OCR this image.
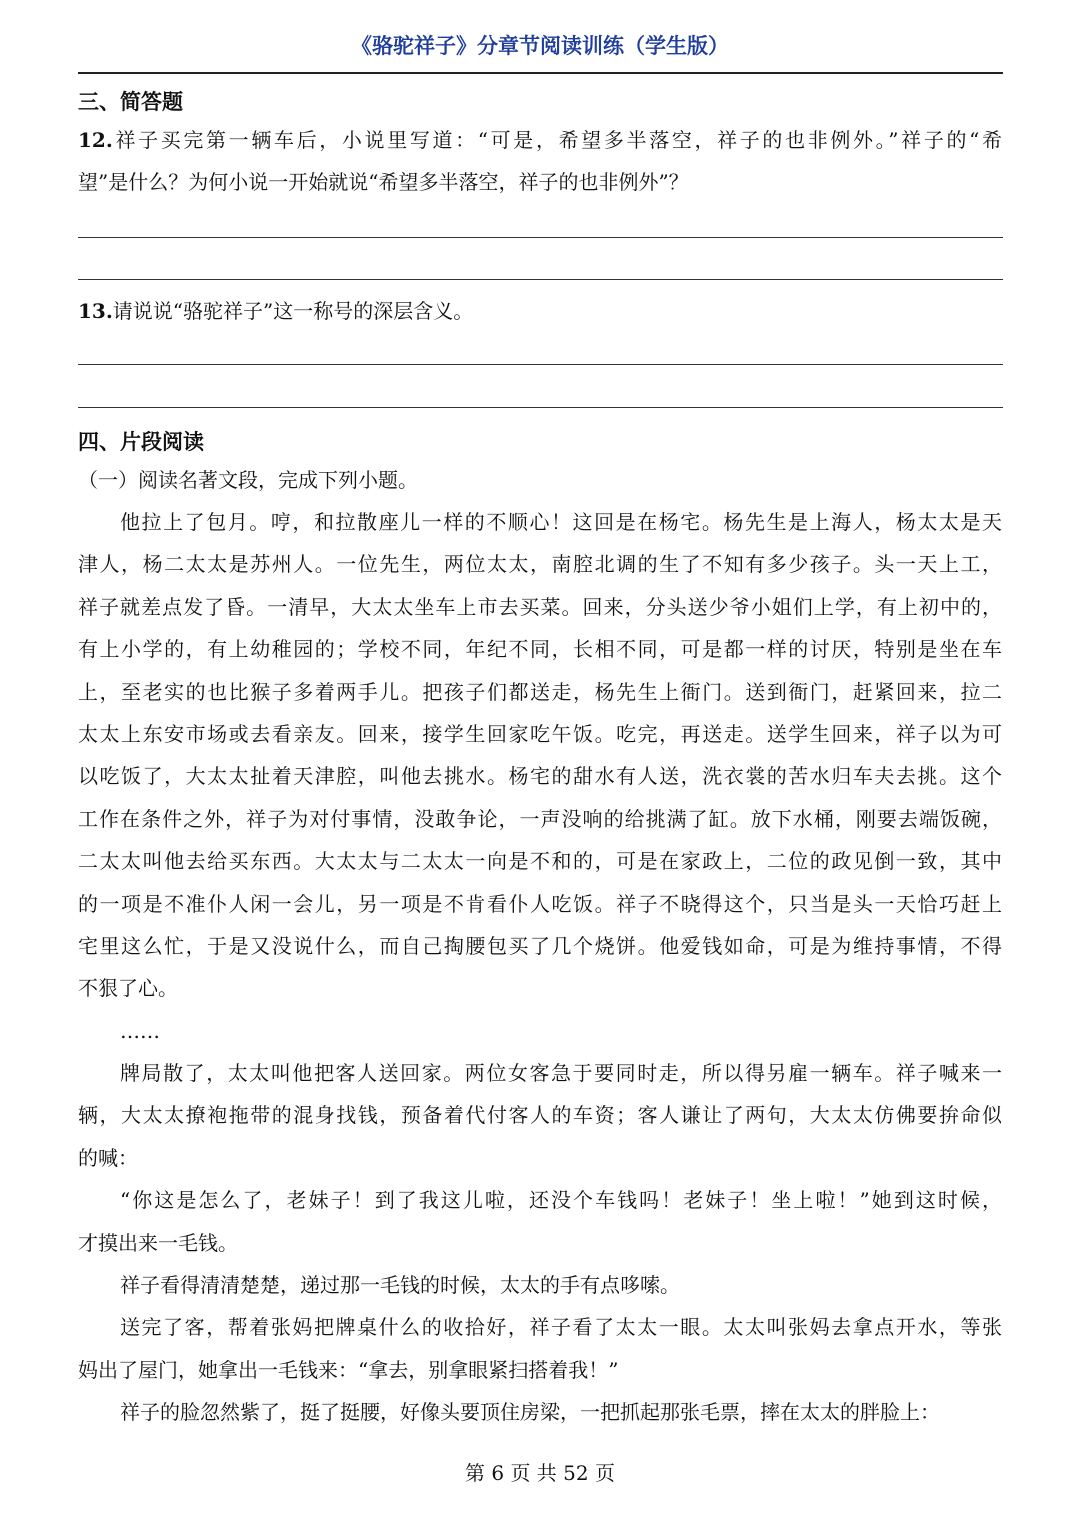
《骆驼祥子》分章节阅读训练（学生版）
三、简答题
12.祥子买完第一辆车后，小说里写道：“可是，希望多半落空，祥子的也非例外。”祥子的“希
望”是什么？为何小说一开始就说“希望多半落空，祥子的也非例外”？
13.请说说“骆驼祥子”这一称号的深层含义。
四、片段阅读
（一）阅读名著文段，完成下列小题。
他拉上了包月。哼，和拉散座儿一样的不顺心！这回是在杨宅。杨先生是上海人，杨太太是天
津人，杨二太太是苏州人。一位先生，两位太太，南腔北调的生了不知有多少孩子。头一天上工，
祥子就差点发了昏。一清早，大太太坐车上市去买菜。回来，分头送少爷小姐们上学，有上初中的，
有上小学的，有上幼稚园的；学校不同，年纪不同，长相不同，可是都一样的讨厌，特别是坐在车
上，至老实的也比猴子多着两手儿。把孩子们都送走，杨先生上衙门。送到衙门，赶紧回来，拉二
太太上东安市场或去看亲友。回来，接学生回家吃午饭。吃完，再送走。送学生回来，祥子以为可
以吃饭了，大太太扯着天津腔，叫他去挑水。杨宅的甜水有人送，洗衣裳的苦水归车夫去挑。这个
工作在条件之外，祥子为对付事情，没敢争论，一声没响的给挑满了缸。放下水桶，刚要去端饭碗，
二太太叫他去给买东西。大太太与二太太一向是不和的，可是在家政上，二位的政见倒一致，其中
的一项是不准仆人闲一会儿，另一项是不肯看仆人吃饭。祥子不晓得这个，只当是头一天恰巧赶上
宅里这么忙，于是又没说什么，而自己掏腰包买了几个烧饼。他爱钱如命，可是为维持事情，不得
不狠了心。
……
牌局散了，太太叫他把客人送回家。两位女客急于要同时走，所以得另雇一辆车。祥子喊来一
辆，大太太撩袍拖带的混身找钱，预备着代付客人的车资；客人谦让了两句，大太太仿佛要拚命似
的喊：
“你这是怎么了，老妹子！到了我这儿啦，还没个车钱吗！老妹子！坐上啦！”她到这时候，
才摸出来一毛钱。
祥子看得清清楚楚，递过那一毛钱的时候，太太的手有点哆嗦。
送完了客，帮着张妈把牌桌什么的收拾好，祥子看了太太一眼。太太叫张妈去拿点开水，等张
妈出了屋门，她拿出一毛钱来：“拿去，别拿眼紧扫搭着我！”
祥子的脸忽然紫了，挺了挺腰，好像头要顶住房梁，一把抓起那张毛票，摔在太太的胖脸上：
第 6 页 共 52 页
